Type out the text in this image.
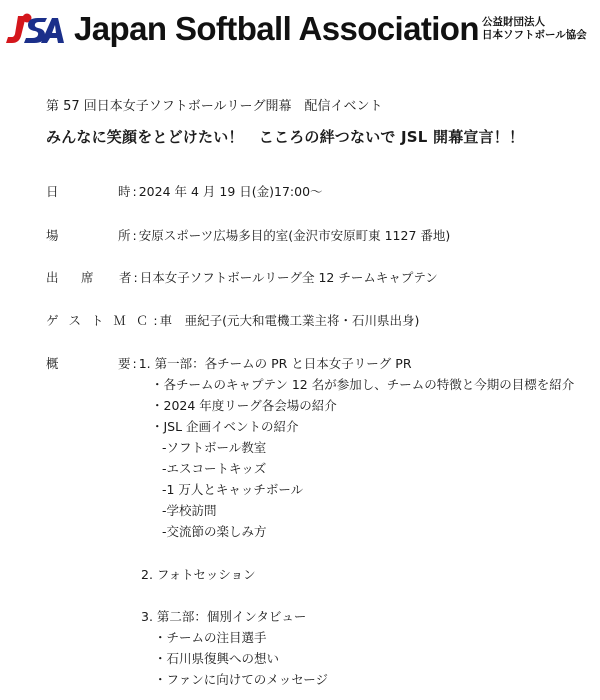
Japan Softball Association 公益財団法人
日本ソフトボール協会
第 57 回日本女子ソフトボールリーグ開幕　配信イベント
みんなに笑顔をとどけたい！　こころの絆つないで JSL 開幕宣言！！
日	時 : 2024 年 4 月 19 日(金)17:00〜
場	所 : 安原スポーツ広場多目的室(金沢市安原町東 1127 番地)
出	席	者 : 日本女子ソフトボールリーグ全 12 チームキャプテン
ゲ ス ト Ｍ Ｃ : 車　亜紀子(元大和電機工業主将・石川県出身)
概	要 : 1. 第一部：各チームの PR と日本女子リーグ PR
・各チームのキャプテン 12 名が参加し、チームの特徴と今期の目標を紹介
・2024 年度リーグ各会場の紹介
・JSL 企画イベントの紹介
-ソフトボール教室
-エスコートキッズ
-1 万人とキャッチボール
-学校訪問
-交流節の楽しみ方
2. フォトセッション
3. 第二部：個別インタビュー
・チームの注目選手
・石川県復興への想い
・ファンに向けてのメッセージ
